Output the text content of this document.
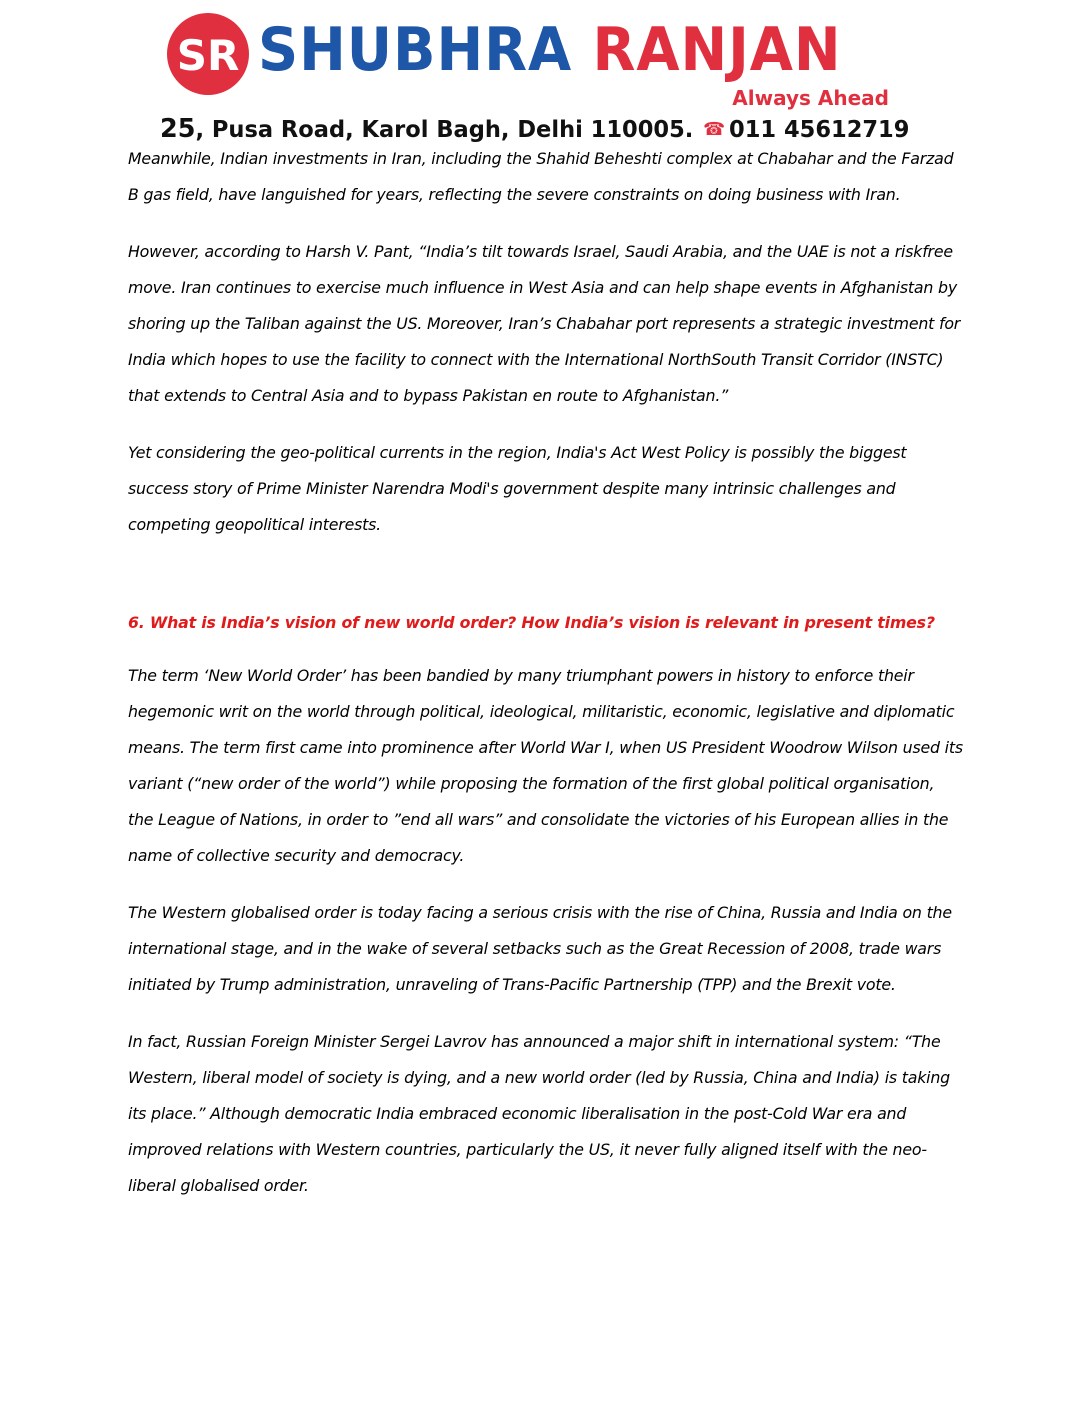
SR SHUBHRA RANJAN
Always Ahead
25, Pusa Road, Karol Bagh, Delhi 110005. ☎ 011 45612719

Meanwhile, Indian investments in Iran, including the Shahid Beheshti complex at Chabahar and the Farzad B gas field, have languished for years, reflecting the severe constraints on doing business with Iran.

However, according to Harsh V. Pant, “India’s tilt towards Israel, Saudi Arabia, and the UAE is not a riskfree move. Iran continues to exercise much influence in West Asia and can help shape events in Afghanistan by shoring up the Taliban against the US. Moreover, Iran’s Chabahar port represents a strategic investment for India which hopes to use the facility to connect with the International NorthSouth Transit Corridor (INSTC) that extends to Central Asia and to bypass Pakistan en route to Afghanistan.”

Yet considering the geo-political currents in the region, India's Act West Policy is possibly the biggest success story of Prime Minister Narendra Modi's government despite many intrinsic challenges and competing geopolitical interests.

6. What is India’s vision of new world order? How India’s vision is relevant in present times?

The term ‘New World Order’ has been bandied by many triumphant powers in history to enforce their hegemonic writ on the world through political, ideological, militaristic, economic, legislative and diplomatic means. The term first came into prominence after World War I, when US President Woodrow Wilson used its variant (“new order of the world”) while proposing the formation of the first global political organisation, the League of Nations, in order to ”end all wars” and consolidate the victories of his European allies in the name of collective security and democracy.

The Western globalised order is today facing a serious crisis with the rise of China, Russia and India on the international stage, and in the wake of several setbacks such as the Great Recession of 2008, trade wars initiated by Trump administration, unraveling of Trans-Pacific Partnership (TPP) and the Brexit vote.

In fact, Russian Foreign Minister Sergei Lavrov has announced a major shift in international system: “The Western, liberal model of society is dying, and a new world order (led by Russia, China and India) is taking its place.” Although democratic India embraced economic liberalisation in the post-Cold War era and improved relations with Western countries, particularly the US, it never fully aligned itself with the neo-liberal globalised order.
